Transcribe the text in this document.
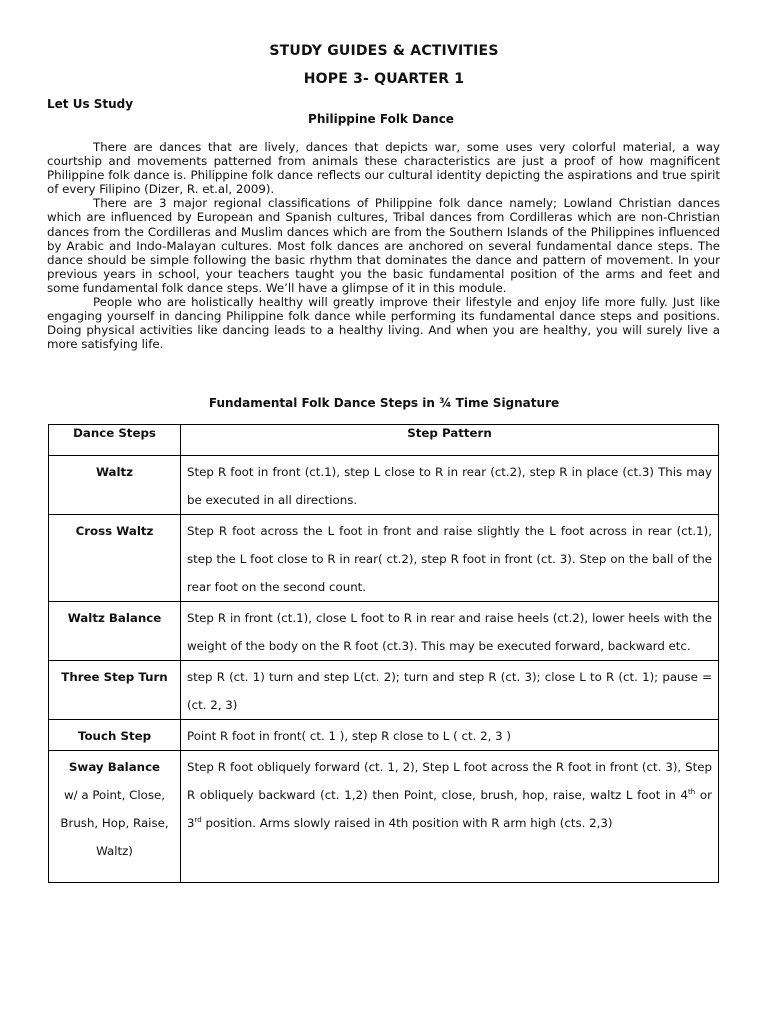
STUDY GUIDES & ACTIVITIES
HOPE 3- QUARTER 1
Let Us Study
Philippine Folk Dance

There are dances that are lively, dances that depicts war, some uses very colorful material, a way courtship and movements patterned from animals these characteristics are just a proof of how magnificent Philippine folk dance is. Philippine folk dance reflects our cultural identity depicting the aspirations and true spirit of every Filipino (Dizer, R. et.al, 2009).

There are 3 major regional classifications of Philippine folk dance namely; Lowland Christian dances which are influenced by European and Spanish cultures, Tribal dances from Cordilleras which are non-Christian dances from the Cordilleras and Muslim dances which are from the Southern Islands of the Philippines influenced by Arabic and Indo-Malayan cultures. Most folk dances are anchored on several fundamental dance steps. The dance should be simple following the basic rhythm that dominates the dance and pattern of movement. In your previous years in school, your teachers taught you the basic fundamental position of the arms and feet and some fundamental folk dance steps. We’ll have a glimpse of it in this module.

People who are holistically healthy will greatly improve their lifestyle and enjoy life more fully. Just like engaging yourself in dancing Philippine folk dance while performing its fundamental dance steps and positions. Doing physical activities like dancing leads to a healthy living. And when you are healthy, you will surely live a more satisfying life.

Fundamental Folk Dance Steps in ¾ Time Signature
Dance Steps	Step Pattern
Waltz	Step R foot in front (ct.1), step L close to R in rear (ct.2), step R in place (ct.3) This may be executed in all directions.
Cross Waltz	Step R foot across the L foot in front and raise slightly the L foot across in rear (ct.1), step the L foot close to R in rear( ct.2), step R foot in front (ct. 3). Step on the ball of the rear foot on the second count.
Waltz Balance	Step R in front (ct.1), close L foot to R in rear and raise heels (ct.2), lower heels with the weight of the body on the R foot (ct.3). This may be executed forward, backward etc.
Three Step Turn	step R (ct. 1) turn and step L(ct. 2); turn and step R (ct. 3); close L to R (ct. 1); pause = (ct. 2, 3)
Touch Step	Point R foot in front( ct. 1 ), step R close to L ( ct. 2, 3 )
Sway Balance
w/ a Point, Close, Brush, Hop, Raise, Waltz)	Step R foot obliquely forward (ct. 1, 2), Step L foot across the R foot in front (ct. 3), Step R obliquely backward (ct. 1,2) then Point, close, brush, hop, raise, waltz L foot in 4th or 3rd position. Arms slowly raised in 4th position with R arm high (cts. 2,3)
